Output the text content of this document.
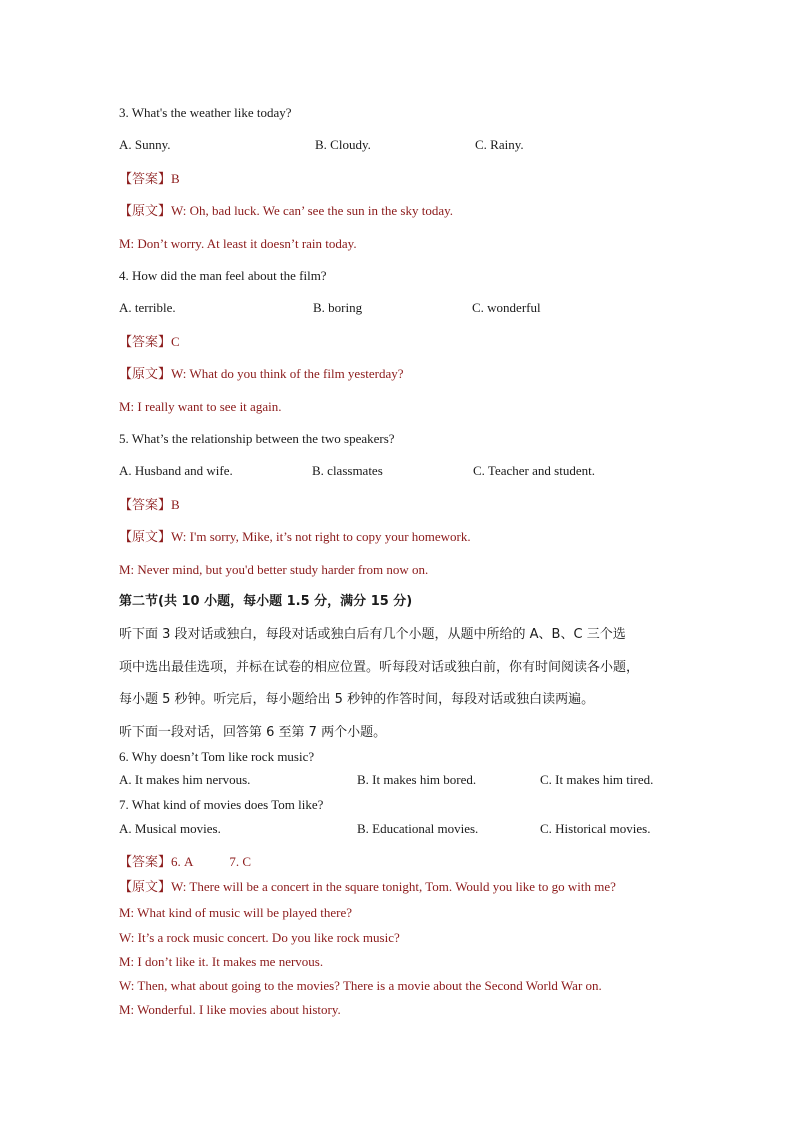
3. What's the weather like today?
A. Sunny.	B. Cloudy.	C. Rainy.
【答案】B
【原文】W: Oh, bad luck. We can’ see the sun in the sky today.
M: Don’t worry. At least it doesn’t rain today.
4. How did the man feel about the film?
A. terrible.	B. boring	C. wonderful
【答案】C
【原文】W: What do you think of the film yesterday?
M: I really want to see it again.
5. What’s the relationship between the two speakers?
A. Husband and wife.	B. classmates	C. Teacher and student.
【答案】B
【原文】W: I'm sorry, Mike, it’s not right to copy your homework.
M: Never mind, but you'd better study harder from now on.
第二节(共 10 小题，每小题 1.5 分，满分 15 分)
听下面 3 段对话或独白，每段对话或独白后有几个小题，从题中所给的 A、B、C 三个选
项中选出最佳选项，并标在试卷的相应位置。听每段对话或独白前，你有时间阅读各小题，
每小题 5 秒钟。听完后，每小题给出 5 秒钟的作答时间，每段对话或独白读两遍。
听下面一段对话，回答第 6 至第 7 两个小题。
6. Why doesn’t Tom like rock music?
A. It makes him nervous.	B. It makes him bored.	C. It makes him tired.
7. What kind of movies does Tom like?
A. Musical movies.	B. Educational movies.	C. Historical movies.
【答案】6. A	7. C
【原文】W: There will be a concert in the square tonight, Tom. Would you like to go with me?
M: What kind of music will be played there?
W: It’s a rock music concert. Do you like rock music?
M: I don’t like it. It makes me nervous.
W: Then, what about going to the movies? There is a movie about the Second World War on.
M: Wonderful. I like movies about history.
